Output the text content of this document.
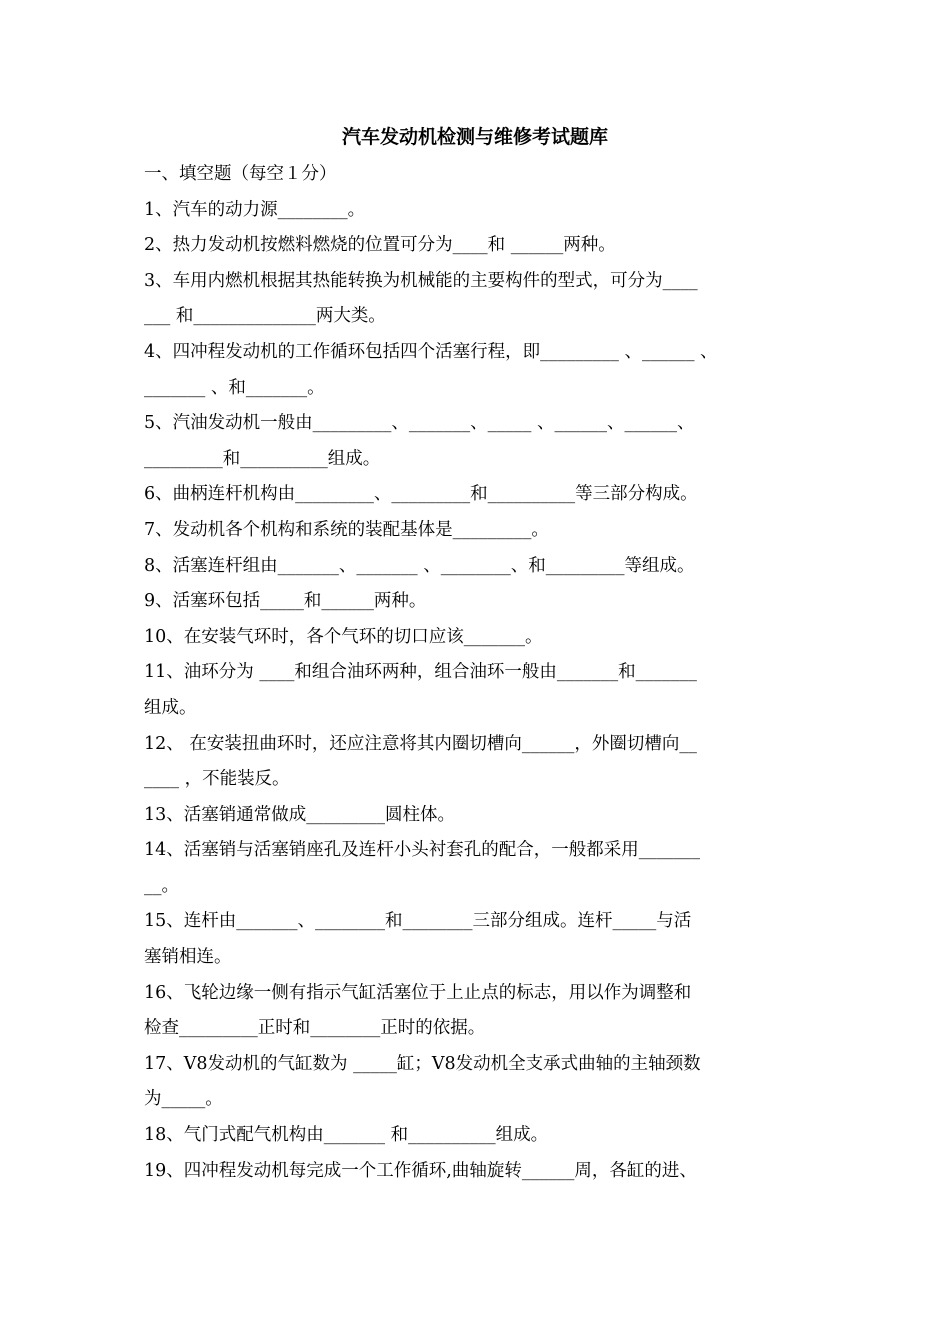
汽车发动机检测与维修考试题库
一、填空题（每空１分）
1、汽车的动力源________。
2、热力发动机按燃料燃烧的位置可分为____和 ______两种。
3、车用内燃机根据其热能转换为机械能的主要构件的型式，可分为____
___ 和______________两大类。
4、四冲程发动机的工作循环包括四个活塞行程，即_________ 、______ 、
_______ 、和_______。
5、汽油发动机一般由_________、_______、_____ 、______、______、
_________和__________组成。
6、曲柄连杆机构由_________、_________和__________等三部分构成。
7、发动机各个机构和系统的装配基体是_________。
8、活塞连杆组由_______、_______ 、________、和_________等组成。
9、活塞环包括_____和______两种。
10、在安装气环时，各个气环的切口应该_______。
11、油环分为 ____和组合油环两种，组合油环一般由_______和_______
组成。
12、 在安装扭曲环时，还应注意将其内圈切槽向______，外圈切槽向__
____ ，不能装反。
13、活塞销通常做成_________圆柱体。
14、活塞销与活塞销座孔及连杆小头衬套孔的配合，一般都采用_______
__。
15、连杆由_______、________和________三部分组成。连杆_____与活
塞销相连。
16、飞轮边缘一侧有指示气缸活塞位于上止点的标志，用以作为调整和
检查_________正时和________正时的依据。
17、V8发动机的气缸数为 _____缸；V8发动机全支承式曲轴的主轴颈数
为_____。
18、气门式配气机构由_______ 和__________组成。
19、四冲程发动机每完成一个工作循环,曲轴旋转______周，各缸的进、
